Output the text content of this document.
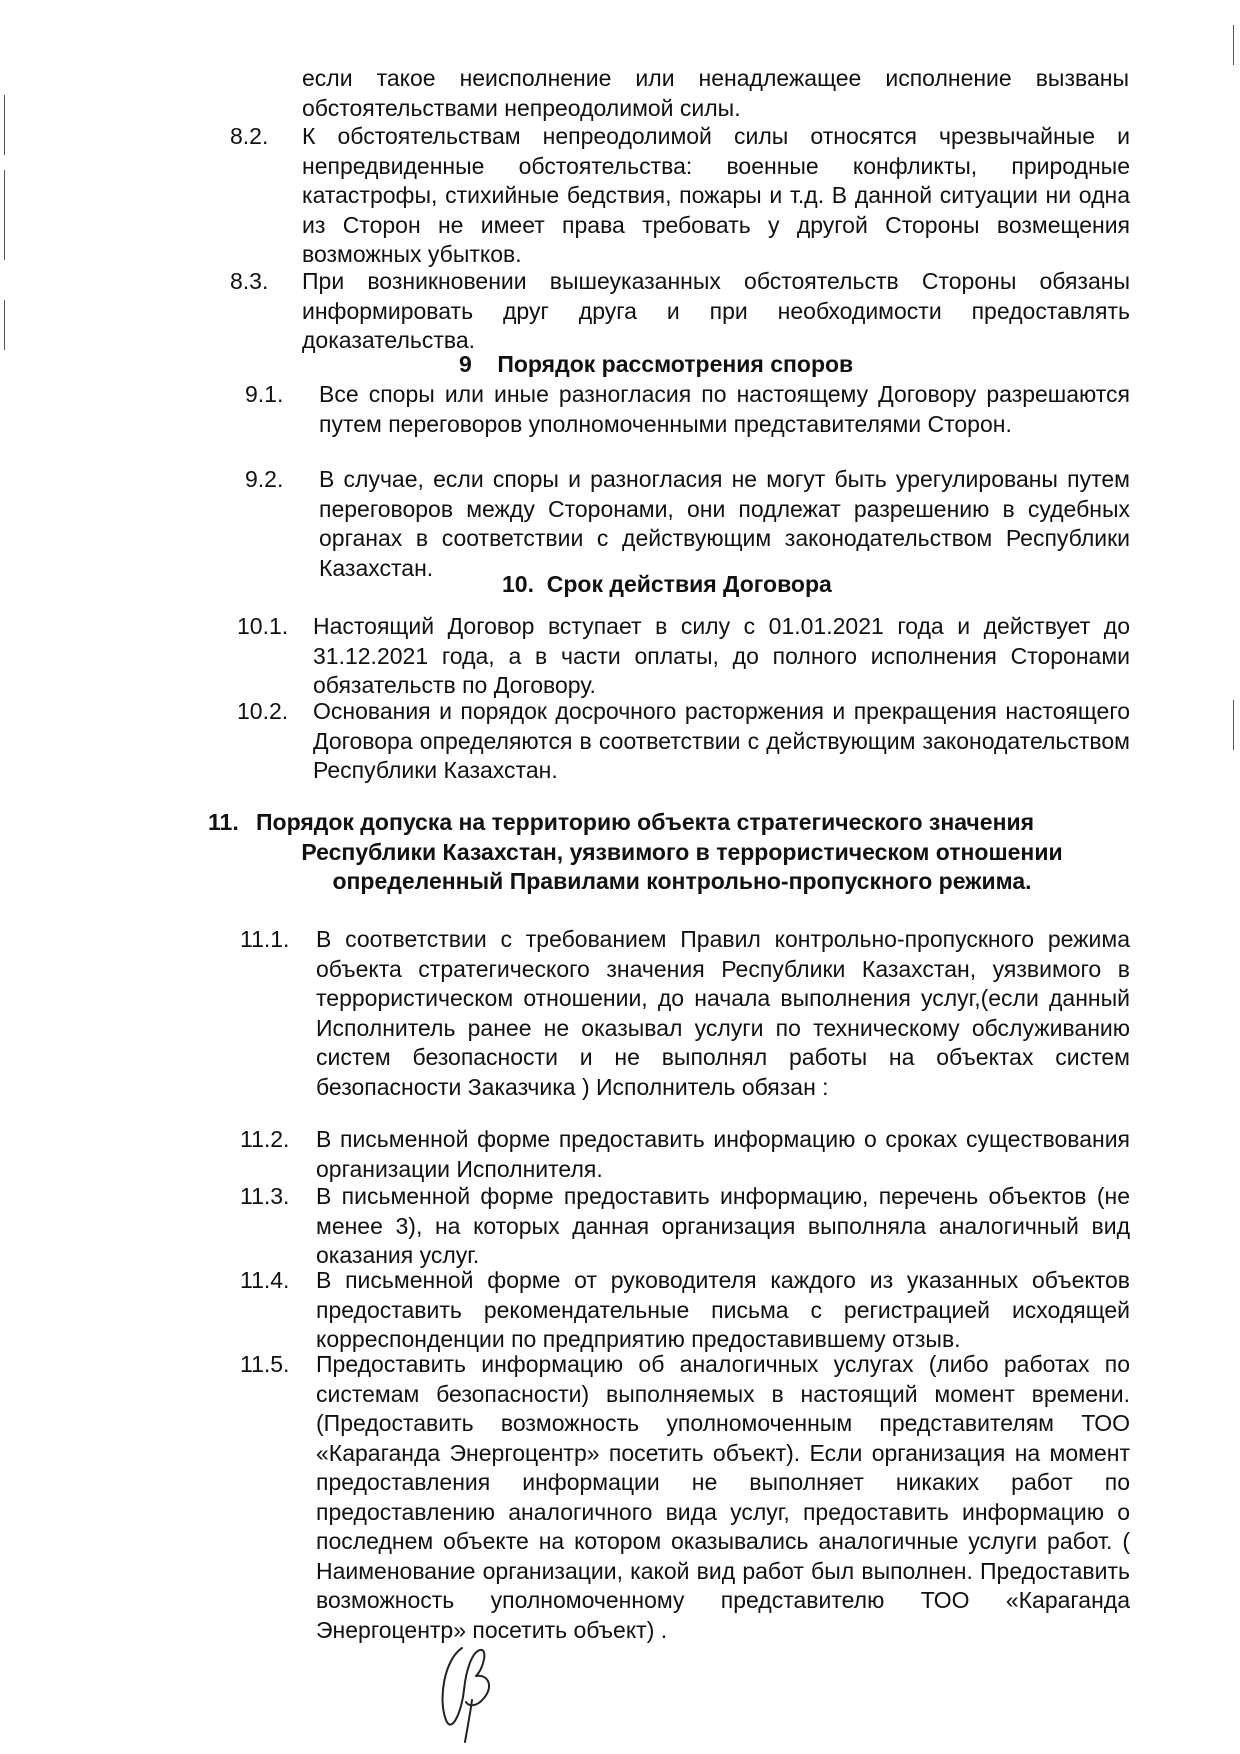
если такое неисполнение или ненадлежащее исполнение вызваны обстоятельствами непреодолимой силы.
8.2.	К обстоятельствам непреодолимой силы относятся чрезвычайные и непредвиденные обстоятельства: военные конфликты, природные катастрофы, стихийные бедствия, пожары и т.д. В данной ситуации ни одна из Сторон не имеет права требовать у другой Стороны возмещения возможных убытков.
8.3.	При возникновении вышеуказанных обстоятельств Стороны обязаны информировать друг друга и при необходимости предоставлять доказательства.
9    Порядок рассмотрения споров
9.1.	Все споры или иные разногласия по настоящему Договору разрешаются путем переговоров уполномоченными представителями Сторон.
9.2.	В случае, если споры и разногласия не могут быть урегулированы путем переговоров между Сторонами, они подлежат разрешению в судебных органах в соответствии с действующим законодательством Республики Казахстан.
10.  Срок действия Договора
10.1.	Настоящий Договор вступает в силу с 01.01.2021 года и действует до 31.12.2021 года, а в части оплаты, до полного исполнения Сторонами обязательств по Договору.
10.2.	Основания и порядок досрочного расторжения и прекращения настоящего Договора определяются в соответствии с действующим законодательством Республики Казахстан.
11. Порядок допуска на территорию объекта стратегического значения
Республики Казахстан, уязвимого в террористическом отношении
определенный Правилами контрольно-пропускного режима.
11.1.	В соответствии с требованием Правил контрольно-пропускного режима объекта стратегического значения Республики Казахстан, уязвимого в террористическом отношении, до начала выполнения услуг,(если данный Исполнитель ранее не оказывал услуги по техническому обслуживанию систем безопасности и не выполнял работы на объектах систем безопасности Заказчика ) Исполнитель обязан :
11.2.	В письменной форме предоставить информацию о сроках существования организации Исполнителя.
11.3.	В письменной форме предоставить информацию, перечень объектов (не менее 3), на которых данная организация выполняла аналогичный вид оказания услуг.
11.4.	В письменной форме от руководителя каждого из указанных объектов предоставить рекомендательные письма с регистрацией исходящей корреспонденции по предприятию предоставившему отзыв.
11.5.	Предоставить информацию об аналогичных услугах (либо работах по системам безопасности) выполняемых в настоящий момент времени. (Предоставить возможность уполномоченным представителям ТОО «Караганда Энергоцентр» посетить объект). Если организация на момент предоставления информации не выполняет никаких работ по предоставлению аналогичного вида услуг, предоставить информацию о последнем объекте на котором оказывались аналогичные услуги работ. ( Наименование организации, какой вид работ был выполнен. Предоставить возможность уполномоченному представителю ТОО «Караганда Энергоцентр» посетить объект) .
